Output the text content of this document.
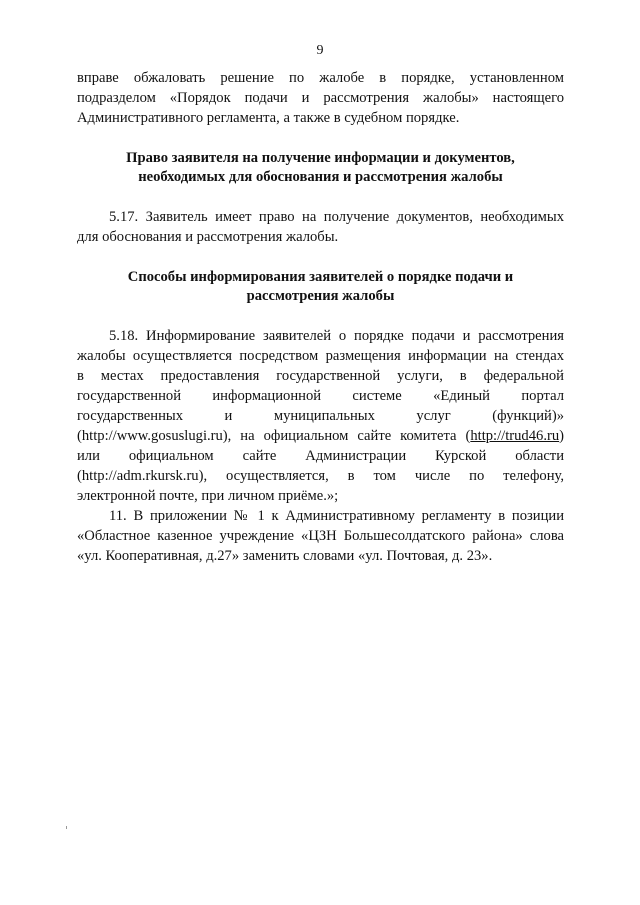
9

вправе обжаловать решение по жалобе в порядке, установленном
подразделом «Порядок подачи и рассмотрения жалобы» настоящего
Административного регламента, а также в судебном порядке.

Право заявителя на получение информации и документов,
необходимых для обоснования и рассмотрения жалобы

5.17. Заявитель имеет право на получение документов, необходимых
для обоснования и рассмотрения жалобы.

Способы информирования заявителей о порядке подачи и
рассмотрения жалобы

5.18. Информирование заявителей о порядке подачи и рассмотрения
жалобы осуществляется посредством размещения информации на стендах
в местах предоставления государственной услуги, в федеральной
государственной информационной системе «Единый портал
государственных и муниципальных услуг (функций)»
(http://www.gosuslugi.ru), на официальном сайте комитета (http://trud46.ru)
или официальном сайте Администрации Курской области
(http://adm.rkursk.ru), осуществляется, в том числе по телефону,
электронной почте, при личном приёме.»;

11. В приложении № 1 к Административному регламенту в позиции
«Областное казенное учреждение «ЦЗН Большесолдатского района» слова
«ул. Кооперативная, д.27» заменить словами «ул. Почтовая, д. 23».
